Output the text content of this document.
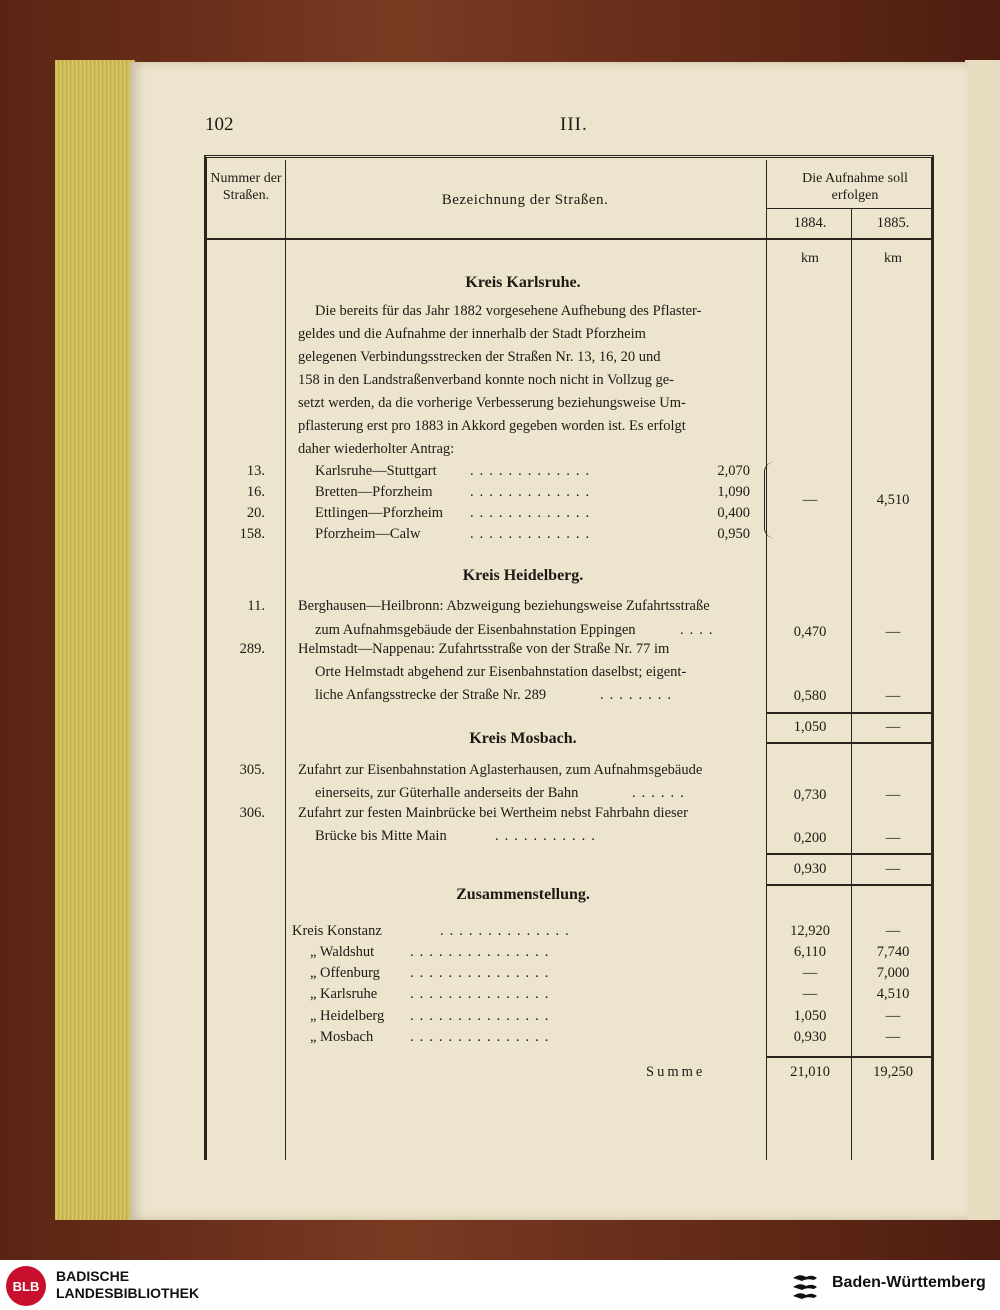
102	III.
Nummer der Straßen.	Bezeichnung der Straßen.
Die Aufnahme soll erfolgen
1884.	1885.
km	km
Kreis Karlsruhe.
Die bereits für das Jahr 1882 vorgesehene Aufhebung des Pflaster-
geldes und die Aufnahme der innerhalb der Stadt Pforzheim
gelegenen Verbindungsstrecken der Straßen Nr. 13, 16, 20 und
158 in den Landstraßenverband konnte noch nicht in Vollzug ge-
setzt werden, da die vorherige Verbesserung beziehungsweise Um-
pflasterung erst pro 1883 in Akkord gegeben worden ist. Es erfolgt
daher wiederholter Antrag:
13.	Karlsruhe—Stuttgart .............	2,070
16.	Bretten—Pforzheim	.............	1,090
20.	Ettlingen—Pforzheim .............	0,400
158.	Pforzheim—Calw	.............	0,950
—	4,510
Kreis Heidelberg.
11. Berghausen—Heilbronn: Abzweigung beziehungsweise Zufahrtsstraße
zum Aufnahmsgebäude der Eisenbahnstation Eppingen	....	0,470	—
289. Helmstadt—Nappenau: Zufahrtsstraße von der Straße Nr. 77 im
Orte Helmstadt abgehend zur Eisenbahnstation daselbst; eigent-
liche Anfangsstrecke der Straße Nr. 289	........	0,580	—
1,050	—
Kreis Mosbach.
305. Zufahrt zur Eisenbahnstation Aglasterhausen, zum Aufnahmsgebäude
einerseits, zur Güterhalle anderseits der Bahn	......	0,730	—
306. Zufahrt zur festen Mainbrücke bei Wertheim nebst Fahrbahn dieser
Brücke bis Mitte Main	...........	0,200	—
0,930	—
Zusammenstellung.
Kreis Konstanz	..............	12,920	—
„ Waldshut ...............	6,110	7,740
„ Offenburg ...............	—	7,000
„ Karlsruhe ...............	—	4,510
„ Heidelberg ...............	1,050	—
„ Mosbach	...............	0,930	—
Summe	21,010	19,250
BLB
BADISCHE
LANDESBIBLIOTHEK
Baden-Württemberg
